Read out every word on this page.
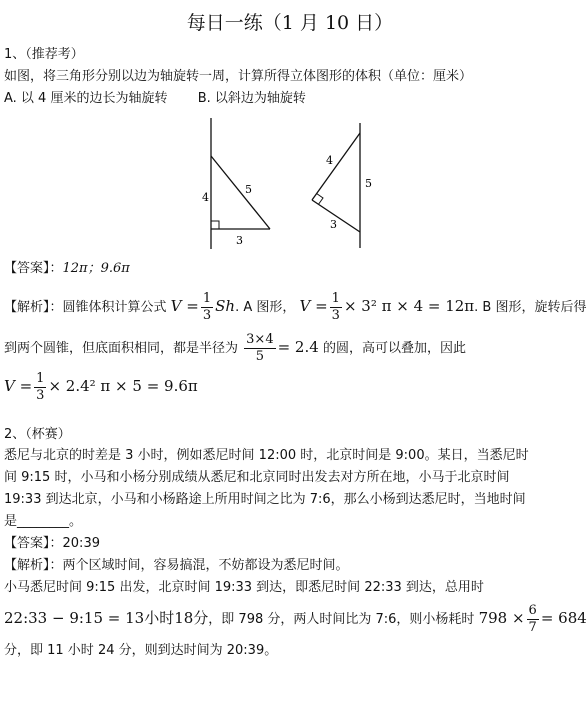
每日一练（1 月 10 日）
1、（推荐考）
如图，将三角形分别以边为轴旋转一周，计算所得立体图形的体积（单位：厘米）
A. 以 4 厘米的边长为轴旋转 B. 以斜边为轴旋转
4
5
3
4
3
5
【答案】：12π；9.6π
【解析】：圆锥体积计算公式 $V = \frac{1}{3} Sh$. A 图形， $V = \frac{1}{3} \times 3^2$ π × 4 = 12π. B 图形，旋转后得
到两个圆锥，但底面积相同，都是半径为 $\frac{3\times 4}{5} = 2.4$ 的圆，高可以叠加，因此
$V = \frac{1}{3} \times 2.4^2$ π × 5 = 9.6π
2、（杯赛）
悉尼与北京的时差是 3 小时，例如悉尼时间 12:00 时，北京时间是 9:00。某日，当悉尼时
间 9:15 时，小马和小杨分别成绩从悉尼和北京同时出发去对方所在地，小马于北京时间
19:33 到达北京，小马和小杨路途上所用时间之比为 7:6，那么小杨到达悉尼时，当地时间
是________。
【答案】：20:39
【解析】：两个区域时间，容易搞混，不妨都设为悉尼时间。
小马悉尼时间 9:15 出发，北京时间 19:33 到达，即悉尼时间 22:33 到达，总用时
22:33 − 9:15 = 13小时18分，即 798 分，两人时间比为 7:6，则小杨耗时 $798 \times \frac{6}{7} = 684$
分，即 11 小时 24 分，则到达时间为 20:39。
